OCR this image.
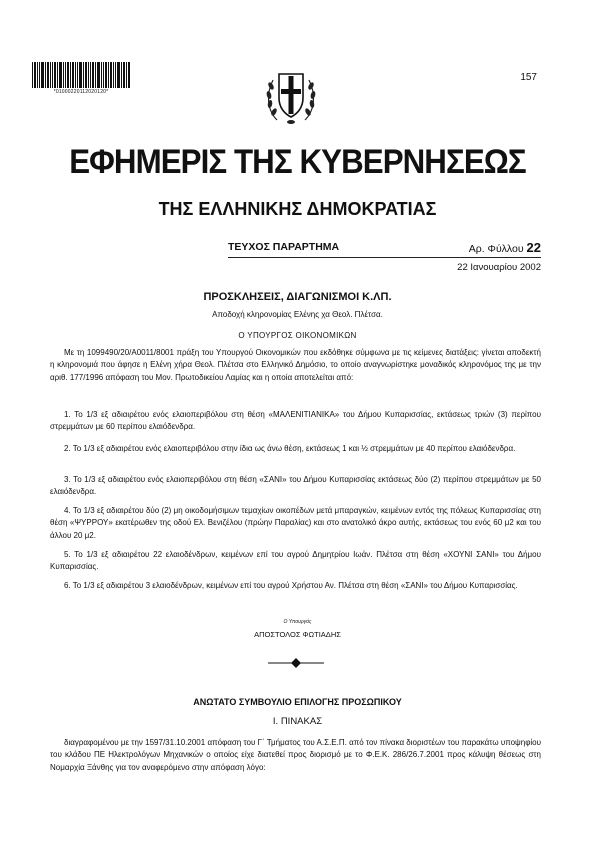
*01000220112020120*
157
ΕΦΗΜΕΡΙΣ ΤΗΣ ΚΥΒΕΡΝΗΣΕΩΣ
ΤΗΣ ΕΛΛΗΝΙΚΗΣ ΔΗΜΟΚΡΑΤΙΑΣ
ΤΕΥΧΟΣ ΠΑΡΑΡΤΗΜΑ	Αρ. Φύλλου 22
22 Ιανουαρίου 2002
ΠΡΟΣΚΛΗΣΕΙΣ, ΔΙΑΓΩΝΙΣΜΟΙ Κ.ΛΠ.
Αποδοχή κληρονομίας Ελένης χα Θεολ. Πλέτσα.
Ο ΥΠΟΥΡΓΟΣ ΟΙΚΟΝΟΜΙΚΩΝ
Με τη 1099490/20/Α0011/8001 πράξη του Υπουργού Οικονομικών που εκδόθηκε σύμφωνα με τις κείμενες διατάξεις: γίνεται αποδεκτή η κληρονομιά που άφησε η Ελένη χήρα Θεολ. Πλέτσα στο Ελληνικό Δημόσιο, το οποίο αναγνωρίστηκε μοναδικός κληρονόμος της με την αριθ. 177/1996 απόφαση του Μον. Πρωτοδικείου Λαμίας και η οποία αποτελείται από:
1. Το 1/3 εξ αδιαιρέτου ενός ελαιοπεριβόλου στη θέση «ΜΑΛΕΝΙΤΙΑΝΙΚΑ» του Δήμου Κυπαρισσίας, εκτάσεως τριών (3) περίπου στρεμμάτων με 60 περίπου ελαιόδενδρα.
2. Το 1/3 εξ αδιαιρέτου ενός ελαιοπεριβόλου στην ίδια ως άνω θέση, εκτάσεως 1 και ½ στρεμμάτων με 40 περίπου ελαιόδενδρα.
3. Το 1/3 εξ αδιαιρέτου ενός ελαιοπεριβόλου στη θέση «ΣΑΝΙ» του Δήμου Κυπαρισσίας εκτάσεως δύο (2) περίπου στρεμμάτων με 50 ελαιόδενδρα.
4. Το 1/3 εξ αδιαιρέτου δύο (2) μη οικοδομήσιμων τεμαχίων οικοπέδων μετά μπαραγκών, κειμένων εντός της πόλεως Κυπαρισσίας στη θέση «ΨΥΡΡΟΥ» εκατέρωθεν της οδού Ελ. Βενιζέλου (πρώην Παραλίας) και στο ανατολικό άκρο αυτής, εκτάσεως του ενός 60 μ2 και του άλλου 20 μ2.
5. Το 1/3 εξ αδιαιρέτου 22 ελαιοδένδρων, κειμένων επί του αγρού Δημητρίου Ιωάν. Πλέτσα στη θέση «ΧΟΥΝΙ ΣΑΝΙ» του Δήμου Κυπαρισσίας.
6. Το 1/3 εξ αδιαιρέτου 3 ελαιοδένδρων, κειμένων επί του αγρού Χρήστου Αν. Πλέτσα στη θέση «ΣΑΝΙ» του Δήμου Κυπαρισσίας.
Ο Υπουργός
ΑΠΟΣΤΟΛΟΣ ΦΩΤΙΑΔΗΣ
ΑΝΩΤΑΤΟ ΣΥΜΒΟΥΛΙΟ ΕΠΙΛΟΓΗΣ ΠΡΟΣΩΠΙΚΟΥ
Ι. ΠΙΝΑΚΑΣ
διαγραφομένου με την 1597/31.10.2001 απόφαση του Γ΄ Τμήματος του Α.Σ.Ε.Π. από τον πίνακα διοριστέων του παρακάτω υποψηφίου του κλάδου ΠΕ Ηλεκτρολόγων Μηχανικών ο οποίος είχε διατεθεί προς διορισμό με το Φ.Ε.Κ. 286/26.7.2001 προς κάλυψη θέσεως στη Νομαρχία Ξάνθης για τον αναφερόμενο στην απόφαση λόγο:
